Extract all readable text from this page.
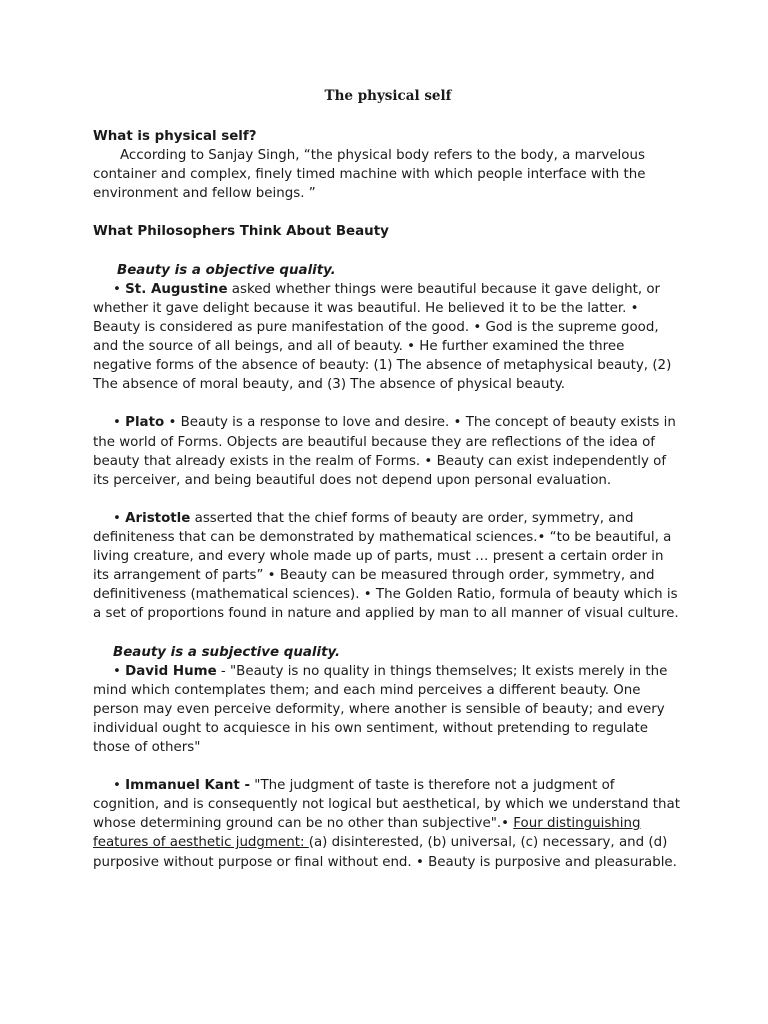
The physical self

What is physical self?

According to Sanjay Singh, “the physical body refers to the body, a marvelous container and complex, finely timed machine with which people interface with the environment and fellow beings. ”

What Philosophers Think About Beauty

Beauty is a objective quality.

• St. Augustine asked whether things were beautiful because it gave delight, or whether it gave delight because it was beautiful. He believed it to be the latter. • Beauty is considered as pure manifestation of the good. • God is the supreme good, and the source of all beings, and all of beauty. • He further examined the three negative forms of the absence of beauty: (1) The absence of metaphysical beauty, (2) The absence of moral beauty, and (3) The absence of physical beauty.

• Plato • Beauty is a response to love and desire. • The concept of beauty exists in the world of Forms. Objects are beautiful because they are reflections of the idea of beauty that already exists in the realm of Forms. • Beauty can exist independently of its perceiver, and being beautiful does not depend upon personal evaluation.

• Aristotle asserted that the chief forms of beauty are order, symmetry, and definiteness that can be demonstrated by mathematical sciences.• “to be beautiful, a living creature, and every whole made up of parts, must … present a certain order in its arrangement of parts” • Beauty can be measured through order, symmetry, and definitiveness (mathematical sciences). • The Golden Ratio, formula of beauty which is a set of proportions found in nature and applied by man to all manner of visual culture.

Beauty is a subjective quality.

• David Hume - "Beauty is no quality in things themselves; It exists merely in the mind which contemplates them; and each mind perceives a different beauty. One person may even perceive deformity, where another is sensible of beauty; and every individual ought to acquiesce in his own sentiment, without pretending to regulate those of others"

• Immanuel Kant - "The judgment of taste is therefore not a judgment of cognition, and is consequently not logical but aesthetical, by which we understand that whose determining ground can be no other than subjective".• Four distinguishing features of aesthetic judgment: (a) disinterested, (b) universal, (c) necessary, and (d) purposive without purpose or final without end. • Beauty is purposive and pleasurable.
